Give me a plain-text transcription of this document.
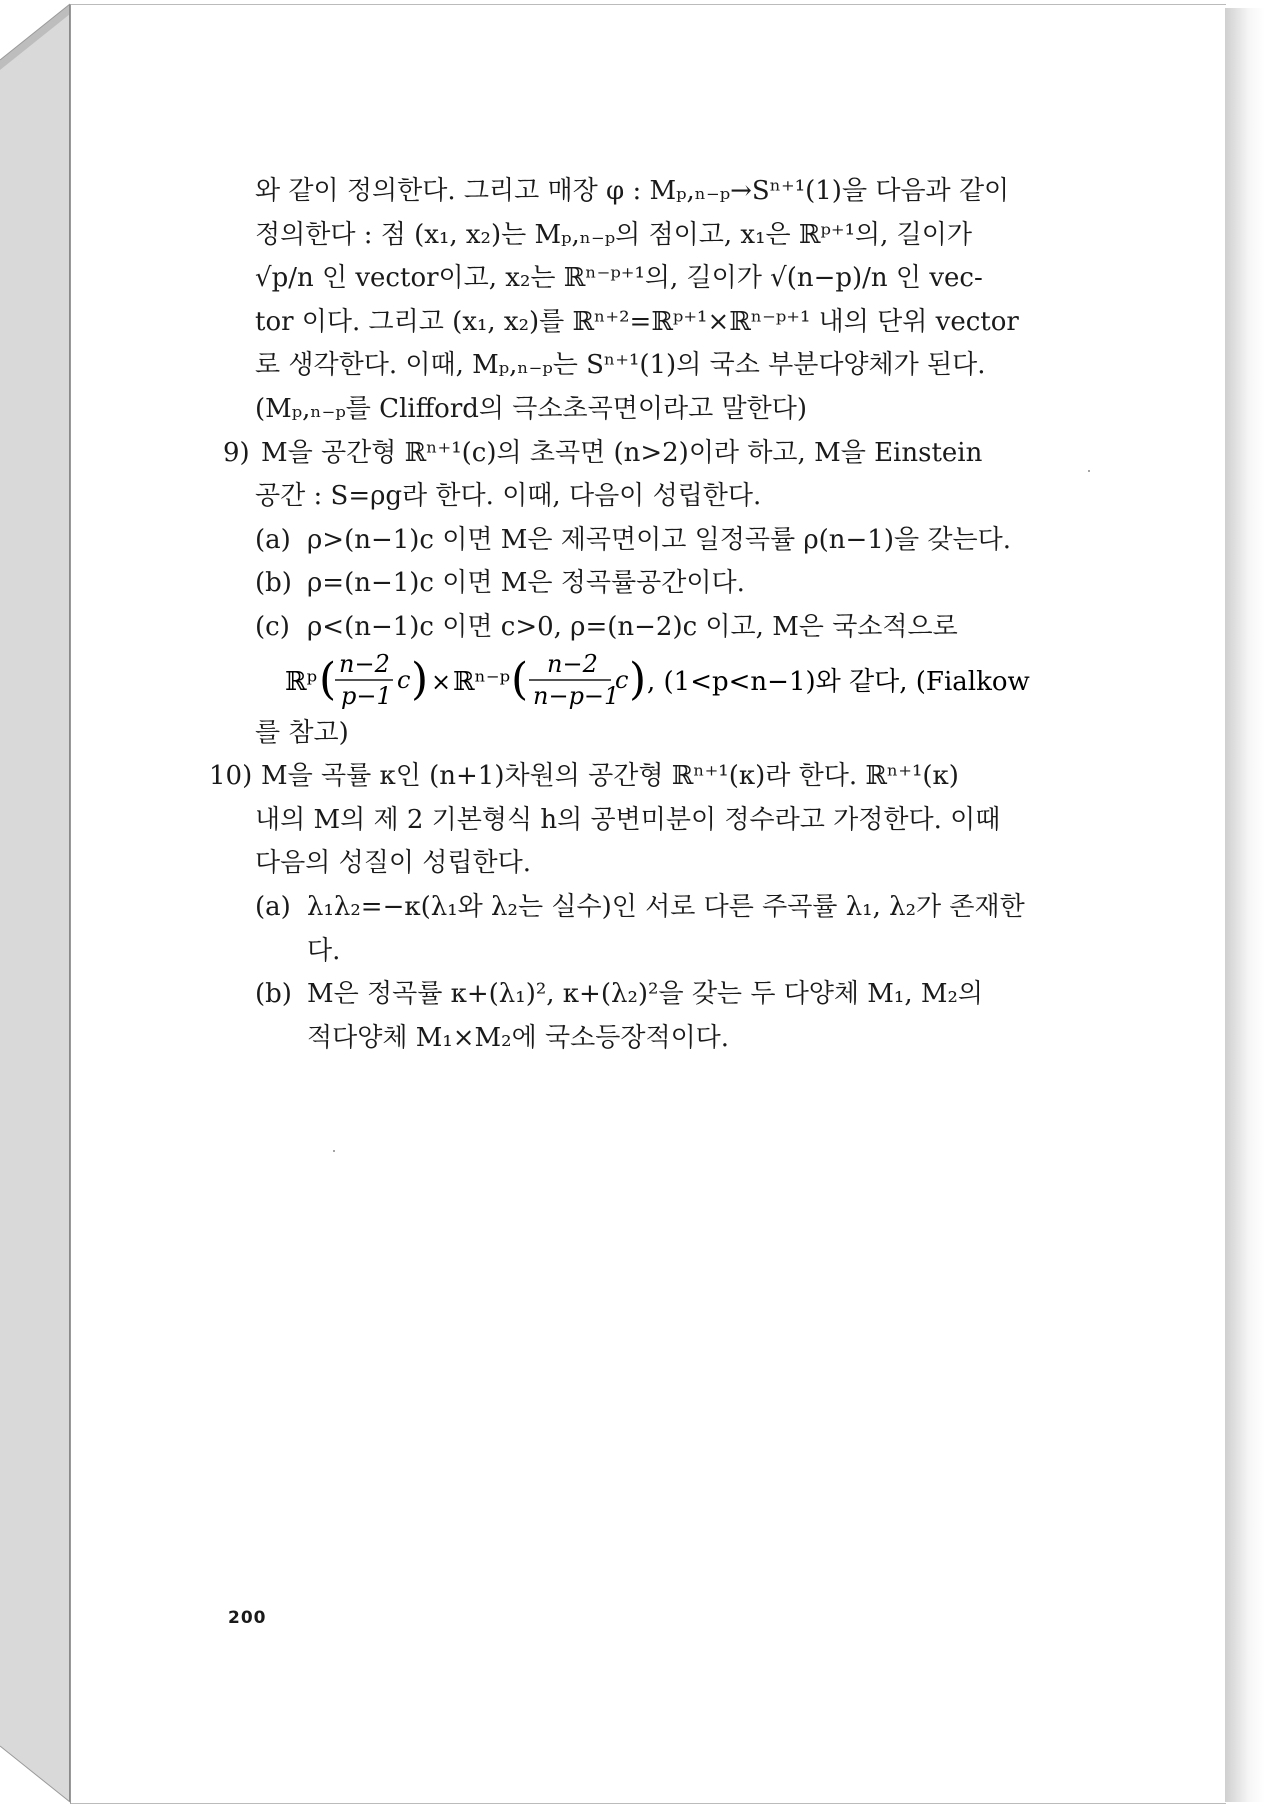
와 같이 정의한다. 그리고 매장 φ : Mₚ,ₙ₋ₚ→Sⁿ⁺¹(1)을 다음과 같이
정의한다 : 점 (x₁, x₂)는 Mₚ,ₙ₋ₚ의 점이고, x₁은 ℝᵖ⁺¹의, 길이가
√p/n 인 vector이고, x₂는 ℝⁿ⁻ᵖ⁺¹의, 길이가 √(n−p)/n 인 vec-
tor 이다. 그리고 (x₁, x₂)를 ℝⁿ⁺²=ℝᵖ⁺¹×ℝⁿ⁻ᵖ⁺¹ 내의 단위 vector
로 생각한다. 이때, Mₚ,ₙ₋ₚ는 Sⁿ⁺¹(1)의 국소 부분다양체가 된다.
(Mₚ,ₙ₋ₚ를 Clifford의 극소초곡면이라고 말한다)
9) M을 공간형 ℝⁿ⁺¹(c)의 초곡면 (n>2)이라 하고, M을 Einstein
공간 : S=ρg라 한다. 이때, 다음이 성립한다.
(a) ρ>(n−1)c 이면 M은 제곡면이고 일정곡률 ρ(n−1)을 갖는다.
(b) ρ=(n−1)c 이면 M은 정곡률공간이다.
(c) ρ<(n−1)c 이면 c>0, ρ=(n−2)c 이고, M은 국소적으로
ℝᵖ ( n−2
p−1
c ) × ℝⁿ⁻ᵖ ( n−2
n−p−1
c ) , (1<p<n−1)와 같다, (Fialkow
를 참고)
10) M을 곡률 κ인 (n+1)차원의 공간형 ℝⁿ⁺¹(κ)라 한다. ℝⁿ⁺¹(κ)
내의 M의 제 2 기본형식 h의 공변미분이 정수라고 가정한다. 이때
다음의 성질이 성립한다.
(a) λ₁λ₂=−κ(λ₁와 λ₂는 실수)인 서로 다른 주곡률 λ₁, λ₂가 존재한
다.
(b) M은 정곡률 κ+(λ₁)², κ+(λ₂)²을 갖는 두 다양체 M₁, M₂의
적다양체 M₁×M₂에 국소등장적이다.
200
